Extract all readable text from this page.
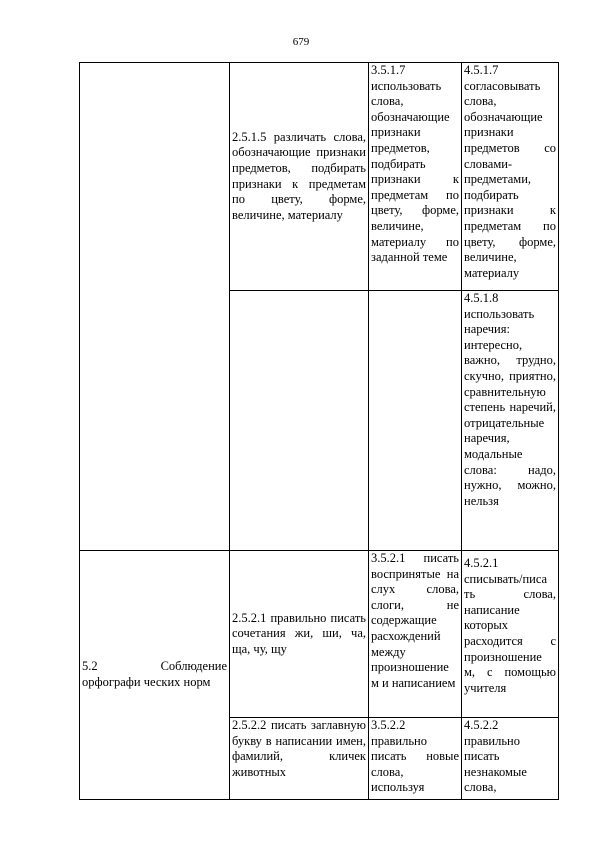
679

	2.5.1.5 различать слова, обозначающие признаки предметов, подбирать признаки к предметам по цвету, форме, величине, материалу	3.5.1.7 использовать слова, обозначающие признаки предметов, подбирать признаки к предметам по цвету, форме, величине, материалу по заданной теме	4.5.1.7 согласовывать слова, обозначающие признаки предметов со словами-предметами, подбирать признаки к предметам по цвету, форме, величине, материалу

			4.5.1.8 использовать наречия: интересно, важно, трудно, скучно, приятно, сравнительную степень наречий, отрицательные наречия, модальные слова: надо, нужно, можно, нельзя

5.2 Соблюдение орфографи ческих норм	2.5.2.1 правильно писать сочетания жи, ши, ча, ща, чу, щу	3.5.2.1 писать воспринятые на слух слова, слоги, не содержащие расхождений между произношение м и написанием	4.5.2.1 списывать/писа ть слова, написание которых расходится с произношение м, с помощью учителя

	2.5.2.2 писать заглавную букву в написании имен, фамилий, кличек животных	3.5.2.2 правильно писать новые слова, используя	4.5.2.2 правильно писать незнакомые слова,
